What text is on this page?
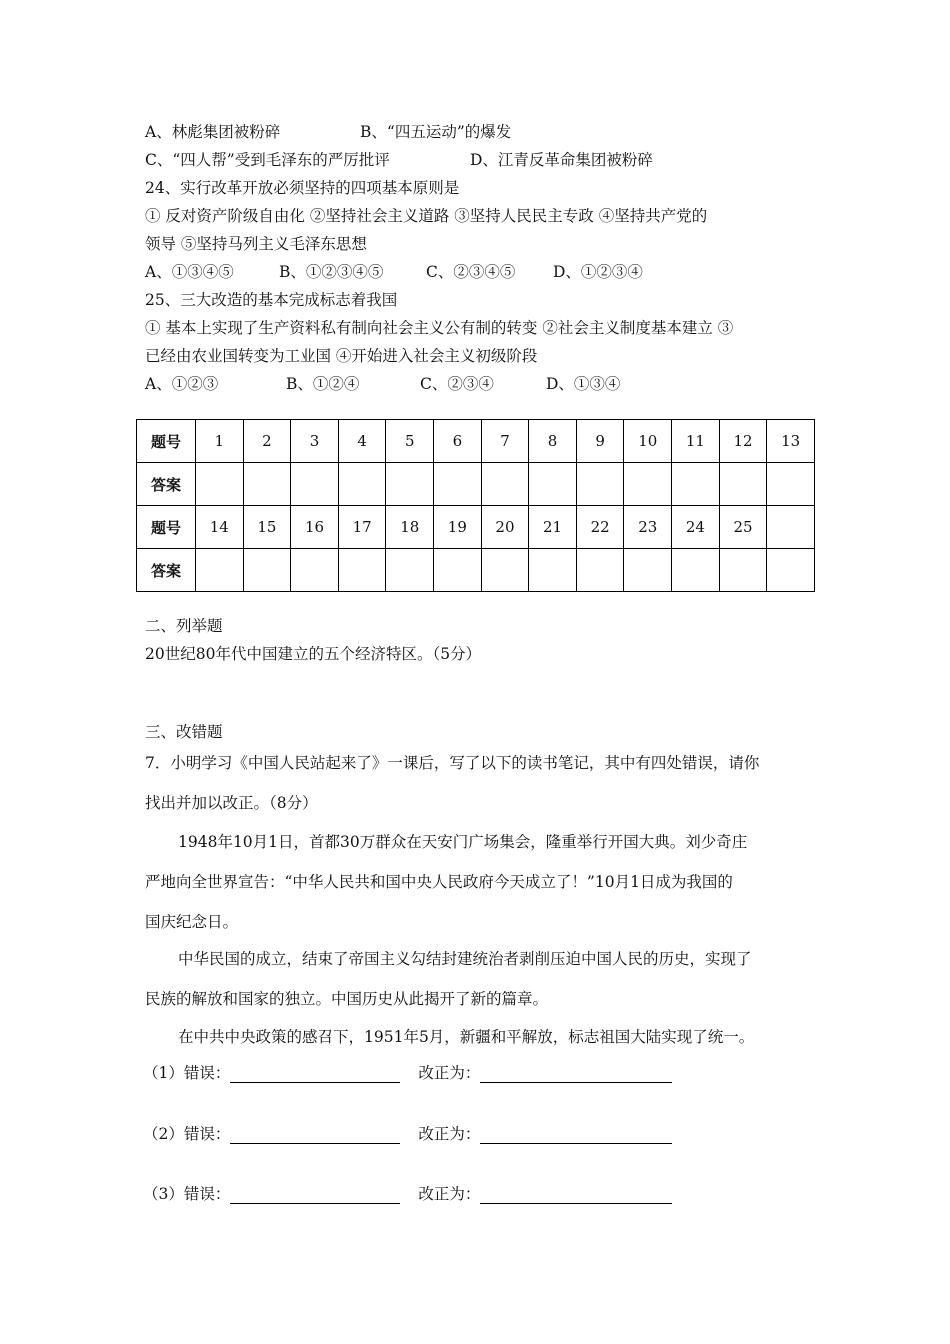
A、林彪集团被粉碎	B、“四五运动”的爆发
C、“四人帮”受到毛泽东的严厉批评	D、江青反革命集团被粉碎
24、实行改革开放必须坚持的四项基本原则是
① 反对资产阶级自由化 ②坚持社会主义道路 ③坚持人民民主专政 ④坚持共产党的
领导 ⑤坚持马列主义毛泽东思想
A、①③④⑤	B、①②③④⑤	C、②③④⑤ D、①②③④
25、三大改造的基本完成标志着我国
① 基本上实现了生产资料私有制向社会主义公有制的转变 ②社会主义制度基本建立 ③
已经由农业国转变为工业国 ④开始进入社会主义初级阶段
A、①②③	B、①②④	C、②③④	D、①③④
题号	1	2	3	4	5	6	7	8	9	10	11	12	13
答案													
题号	14	15	16	17	18	19	20	21	22	23	24	25	
答案													
二、列举题
20世纪80年代中国建立的五个经济特区。（5分）
三、改错题
7．小明学习《中国人民站起来了》一课后，写了以下的读书笔记，其中有四处错误，请你
找出并加以改正。（8分）
1948年10月1日，首都30万群众在天安门广场集会，隆重举行开国大典。刘少奇庄
严地向全世界宣告：“中华人民共和国中央人民政府今天成立了！”10月1日成为我国的
国庆纪念日。
中华民国的成立，结束了帝国主义勾结封建统治者剥削压迫中国人民的历史，实现了
民族的解放和国家的独立。中国历史从此揭开了新的篇章。
在中共中央政策的感召下，1951年5月，新疆和平解放，标志祖国大陆实现了统一。
（1）错误：	改正为：
（2）错误：	改正为：
（3）错误：	改正为：
